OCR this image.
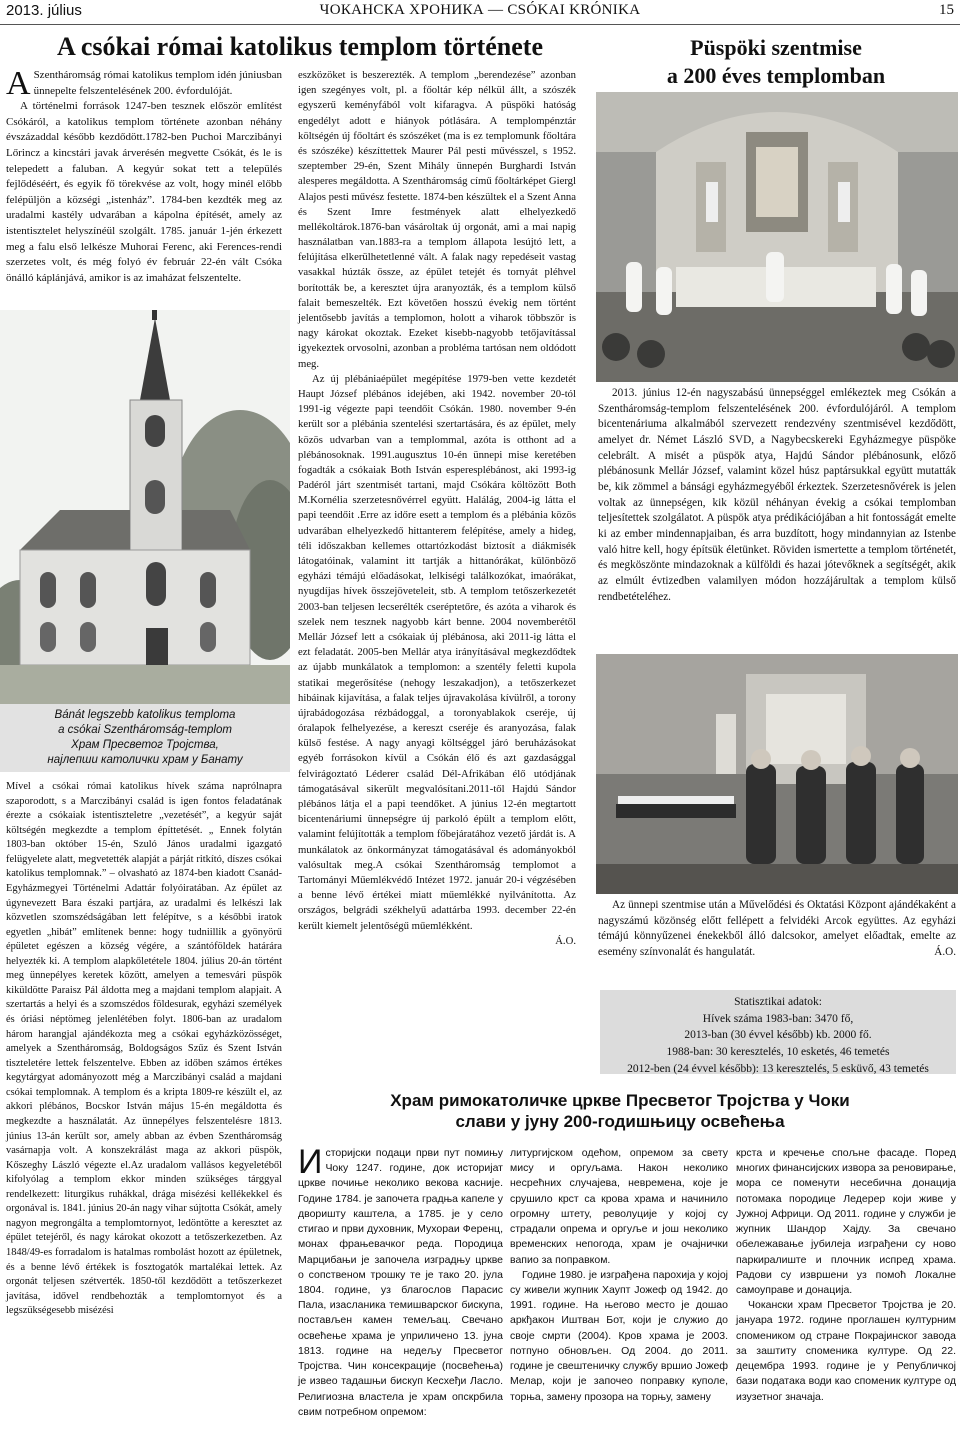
2013. július	ЧОКАНСКА ХРОНИКА — CSÓKAI KRÓNIKA	15
A csókai római katolikus templom története

A Szentháromság római katolikus templom idén júniusban ünnepelte felszentelésének 200. évfordulóját.

A történelmi források 1247-ben tesznek először említést Csókáról, a katolikus templom története azonban néhány évszázaddal később kezdődött.1782-ben Puchoi Marczibányi Lőrincz a kincstári javak árverésén megvette Csókát, és le is telepedett a faluban. A kegyúr sokat tett a település fejlődéséért, és egyik fő törekvése az volt, hogy minél előbb felépüljön a községi „istenház”. 1784-ben kezdték meg az uradalmi kastély udvarában a kápolna építését, amely az istentisztelet helyszínéül szolgált. 1785. január 1-jén érkezett meg a falu első lelkésze Muhorai Ferenc, aki Ferences-rendi szerzetes volt, és még folyó év február 22-én vált Csóka önálló káplánjává, amikor is az imaházat felszentelte.

Bánát legszebb katolikus temploma
a csókai Szentháromság-templom
Храм Пресветог Тројства,
најлепши католички храм у Банату

Mível a csókai római katolikus hívek száma naprólnapra szaporodott, s a Marczibányi család is igen fontos feladatának érezte a csókaiak istentiszteletre „vezetését”, a kegyúr saját költségén megkezdte a templom építtetését. „ Ennek folytán 1803-ban október 15-én, Szuló János uradalmi igazgató felügyelete alatt, megvetették alapját a párját ritkító, díszes csókai katolikus templomnak.” – olvasható az 1874-ben kiadott Csanád-Egyházmegyei Történelmi Adattár folyóiratában. Az épület az úgynevezett Bara északi partjára, az uradalmi és lelkészi lak közvetlen szomszédságában lett felépítve, s a későbbi iratok egyetlen „hibát” említenek benne: hogy tudniillik a gyönyörű épületet egészen a község végére, a szántóföldek határára helyezték ki. A templom alapkőletétele 1804. július 20-án történt meg ünnepélyes keretek között, amelyen a temesvári püspök kiküldötte Paraisz Pál áldotta meg a majdani templom alapjait. A szertartás a helyi és a szomszédos földesurak, egyházi személyek és óriási néptömeg jelenlétében folyt. 1806-ban az uradalom három harangjal ajándékozta meg a csókai egyházközösséget, amelyek a Szentháromság, Boldogságos Szűz és Szent István tiszteletére lettek felszentelve. Ebben az időben számos értékes kegytárgyat adományozott még a Marczibányi család a majdani csókai templomnak. A templom és a kripta 1809-re készült el, az akkori plébános, Bocskor István május 15-én megáldotta és megkezdte a használatát. Az ünnepélyes felszentelésre 1813. június 13-án került sor, amely abban az évben Szentháromság vasárnapja volt. A konszekrálást maga az akkori püspök, Kőszeghy László végezte el.Az uradalom vallásos kegyeletéből kifolyólag a templom ekkor minden szükséges tárggyal rendelkezett: liturgikus ruhákkal, drága misézési kellékekkel és orgonával is. 1841. június 20-án nagy vihar sújtotta Csókát, amely nagyon megrongálta a templomtornyot, ledöntötte a keresztet az épület tetejéről, és nagy károkat okozott a tetőszerkezetben. Az 1848/49-es forradalom is hatalmas rombolást hozott az épületnek, és a benne lévő értékek is fosztogatók martalékai lettek. Az orgonát teljesen szétverték. 1850-től kezdődött a tetőszerkezet javítása, idővel rendbehozták a templomtornyot és a legszükségesebb misézési

eszközöket is beszerezték. A templom „berendezése” azonban igen szegényes volt, pl. a főoltár kép nélkül állt, a szószék egyszerű keményfából volt kifaragva. A püspöki hatóság engedélyt adott e hiányok pótlására. A templompénztár költségén új főoltárt és szószéket (ma is ez templomunk főoltára és szószéke) készíttettek Maurer Pál pesti művésszel, s 1952. szeptember 29-én, Szent Mihály ünnepén Burghardi István alesperes megáldotta. A Szentháromság című főoltárképet Giergl Alajos pesti művész festette. 1874-ben készültek el a Szent Anna és Szent Imre festmények alatt elhelyezkedő mellékoltárok.1876-ban vásároltak új orgonát, ami a mai napig használatban van.1883-ra a templom állapota lesújtó lett, a felújítása elkerülhetetlenné vált. A falak nagy repedéseit vastag vasakkal húzták össze, az épület tetejét és tornyát pléhvel borították be, a keresztet újra aranyozták, és a templom külső falait bemeszelték. Ezt követően hosszú évekig nem történt jelentősebb javítás a templomon, holott a viharok többször is nagy károkat okoztak. Ezeket kisebb-nagyobb tetőjavítással igyekeztek orvosolni, azonban a probléma tartósan nem oldódott meg.

Az új plébániaépület megépítése 1979-ben vette kezdetét Haupt József plébános idejében, aki 1942. november 20-tól 1991-ig végezte papi teendőit Csókán. 1980. november 9-én került sor a plébánia szentelési szertartására, és az épület, mely közös udvarban van a templommal, azóta is otthont ad a plébánosoknak. 1991.augusztus 10-én ünnepi mise keretében fogadták a csókaiak Both István esperesplébánost, aki 1993-ig Padéról járt szentmisét tartani, majd Csókára költözött Both M.Kornélia szerzetesnővérrel együtt. Halálág, 2004-ig látta el papi teendőit .Erre az időre esett a templom és a plébánia közös udvarában elhelyezkedő hittanterem felépítése, amely a hideg, téli időszakban kellemes ottartózkodást biztosít a diákmisék látogatóinak, valamint itt tartják a hittanórákat, különböző egyházi témájú előadásokat, lelkiségi találkozókat, imaórákat, nyugdíjas hívek összejöveteleit, stb. A templom tetőszerkezetét 2003-ban teljesen lecserélték cseréptetőre, és azóta a viharok és szelek nem tesznek nagyobb kárt benne. 2004 novemberétől Mellár József lett a csókaiak új plébánosa, aki 2011-ig látta el ezt feladatát. 2005-ben Mellár atya irányításával megkezdődtek az újabb munkálatok a templomon: a szentély feletti kupola statikai megerősítése (nehogy leszakadjon), a tetőszerkezet hibáinak kijavítása, a falak teljes újravakolása kívülről, a torony újrabádogozása rézbádoggal, a toronyablakok cseréje, új óralapok felhelyezése, a kereszt cseréje és aranyozása, falak külső festése. A nagy anyagi költséggel járó beruházásokat egyéb forrásokon kívül a Csókán élő és azt gazdasággal felvirágoztató Léderer család Dél-Afrikában élő utódjának támogatásával sikerült megvalósítani.2011-től Hajdú Sándor plébános látja el a papi teendőket. A június 12-én megtartott bicentenáriumi ünnepségre új parkoló épült a templom előtt, valamint felújították a templom főbejáratához vezető járdát is. A munkálatok az önkormányzat támogatásával és adományokból valósultak meg.A csókai Szentháromság templomot a Tartományi Műemlékvédő Intézet 1972. január 20-i végzésében a benne lévő értékei miatt műemlékké nyilvánította. Az országos, belgrádi székhelyű adattárba 1993. december 22-én került kiemelt jelentőségű műemlékként.

Á.O.
Püspöki szentmise
a 200 éves templomban

2013. június 12-én nagyszabású ünnepséggel emlékeztek meg Csókán a Szentháromság-templom felszentelésének 200. évfordulójáról. A templom bicentenáriuma alkalmából szervezett rendezvény szentmisével kezdődött, amelyet dr. Német László SVD, a Nagybecskereki Egyházmegye püspöke celebrált. A misét a püspök atya, Hajdú Sándor plébánosunk, előző plébánosunk Mellár József, valamint közel húsz paptársukkal együtt mutatták be, kik zömmel a bánsági egyházmegyéből érkeztek. Szerzetesnővérek is jelen voltak az ünnepségen, kik közül néhányan évekig a csókai templomban teljesítettek szolgálatot. A püspök atya prédikációjában a hit fontosságát emelte ki az ember mindennapjaiban, és arra buzdított, hogy mindannyian az Istenbe való hitre kell, hogy építsük életünket. Röviden ismertette a templom történetét, és megköszönte mindazoknak a külföldi és hazai jótevőknek a segítségét, akik az elmúlt évtizedben valamilyen módon hozzájárultak a templom külső rendbetételéhez.

Az ünnepi szentmise után a Művelődési és Oktatási Központ ajándékaként a nagyszámú közönség előtt fellépett a felvidéki Arcok együttes. Az egyházi témájú könnyűzenei énekekből álló dalcsokor, amelyet előadtak, emelte az esemény színvonalát és hangulatát.	Á.O.
Statisztikai adatok:
Hívek száma 1983-ban: 3470 fő,
2013-ban (30 évvel később) kb. 2000 fő.
1988-ban: 30 keresztelés, 10 esketés, 46 temetés
2012-ben (24 évvel később): 13 keresztelés, 5 esküvő, 43 temetés
Храм римокатоличке цркве Пресветог Тројства у Чоки
слави у јуну 200-годишњицу освећења

Историјски подаци први пут помињу Чоку 1247. године, док историјат цркве почиње неколико векова касније. Године 1784. је започета градња капеле у дворишту каштела, а 1785. је у село стигао и први духовник, Мухораи Ференц, монах фрањевачког реда. Породица Марцибањи је започела изградњу цркве о сопственом трошку те је тако 20. јула 1804. године, уз благослов Парасис Пала, изасланика темишварског бискупа, постављен камен темељац. Свечано освећење храма је уприличено 13. јуна 1813. године на недељу Пресветог Тројства. Чин консекрације (посвећења) је извео тадашњи бискуп Кесхеђи Ласло. Религиозна властела је храм опскрбила свим потребном опремом:

литургијском одећом, опремом за свету мису и оргуљама. Након неколико несрећних случајева, невремена, које је срушило крст са крова храма и начинило огромну штету, револуције у којој су страдали опрема и оргуље и још неколико временских непогода, храм је очајнички вапио за поправком.

Године 1980. је изграђена парохија у којој су живели жупник Хаупт Јожеф од 1942. до 1991. године. На његово место је дошао аркђакон Иштван Бот, који је служио до своје смрти (2004). Кров храма је 2003. потпуно обновљен. Од 2004. до 2011. године је свештеничку службу вршио Јожеф Мелар, који је започео поправку куполе, торња, замену прозора на торњу, замену

крста и кречење спољне фасаде. Поред многих финансијских извора за реновирање, мора се поменути несебична донација потомака породице Ледерер који живе у Јужној Африци. Од 2011. године у служби је жупник Шандор Хајду. За свечано обележавање јубилеја изграђени су ново паркиралиште и плочник испред храма. Радови су извршени уз помоћ Локалне самоуправе и донација.

Чокански храм Пресветог Тројства је 20. јануара 1972. године проглашен културним спомеником од стране Покрајинског завода за заштиту споменика културе. Од 22. децембра 1993. године је у Републичкој бази података води као споменик културе од изузетног значаја.
